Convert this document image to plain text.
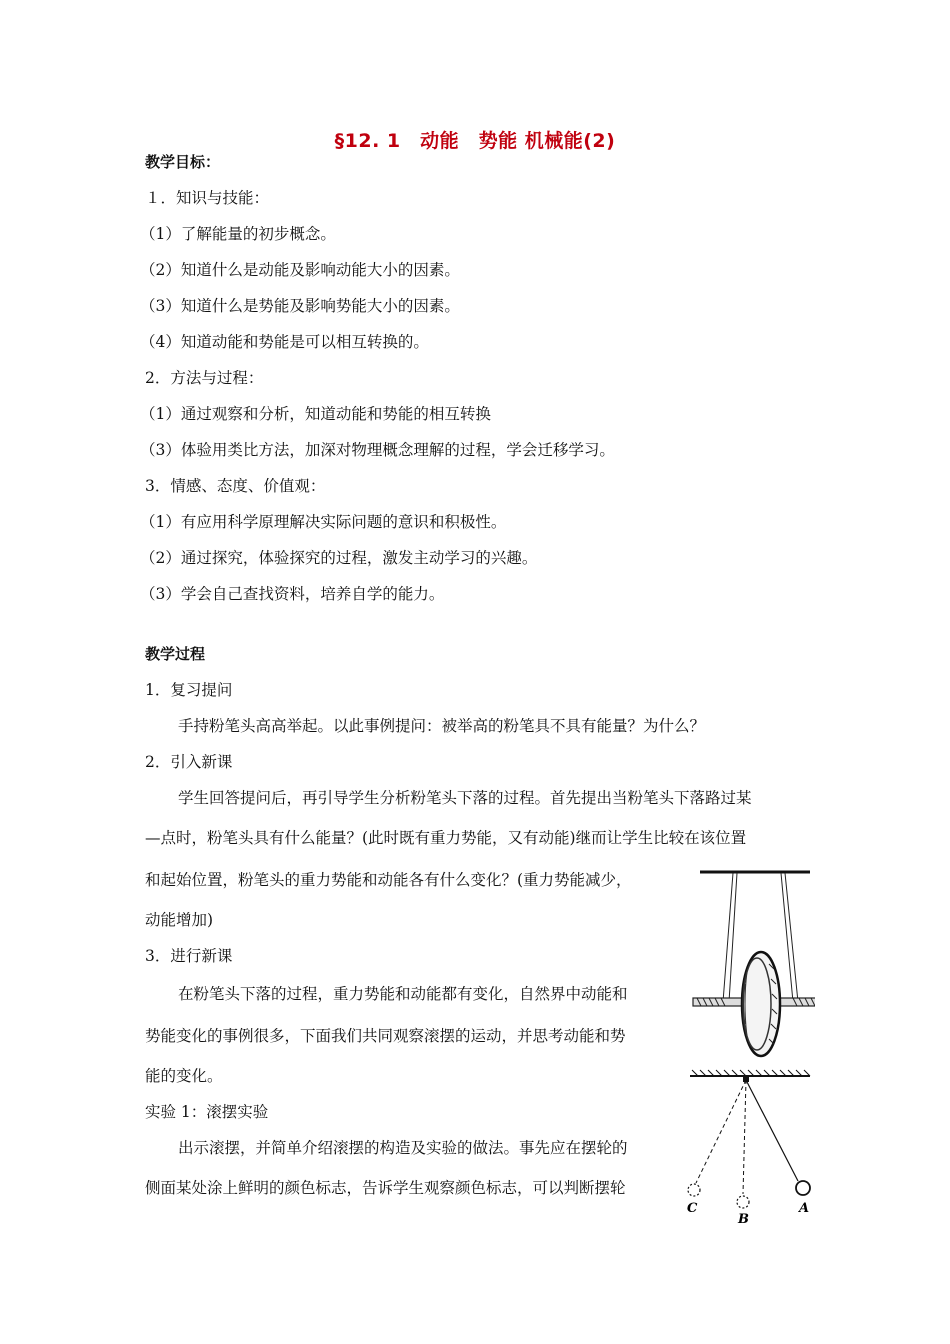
§12. 1　动能　势能 机械能(2)
教学目标：
１．知识与技能：
（1）了解能量的初步概念。
（2）知道什么是动能及影响动能大小的因素。
（3）知道什么是势能及影响势能大小的因素。
（4）知道动能和势能是可以相互转换的。
2．方法与过程：
（1）通过观察和分析，知道动能和势能的相互转换
（3）体验用类比方法，加深对物理概念理解的过程，学会迁移学习。
3．情感、态度、价值观：
（1）有应用科学原理解决实际问题的意识和积极性。
（2）通过探究，体验探究的过程，激发主动学习的兴趣。
（3）学会自己查找资料，培养自学的能力。
教学过程
1．复习提问
手持粉笔头高高举起。以此事例提问：被举高的粉笔具不具有能量？为什么？
2．引入新课
学生回答提问后，再引导学生分析粉笔头下落的过程。首先提出当粉笔头下落路过某
—点时，粉笔头具有什么能量？(此时既有重力势能，又有动能)继而让学生比较在该位置
和起始位置，粉笔头的重力势能和动能各有什么变化？(重力势能减少，
动能增加)
3．进行新课
在粉笔头下落的过程，重力势能和动能都有变化，自然界中动能和
势能变化的事例很多，下面我们共同观察滚摆的运动，并思考动能和势
能的变化。
实验 1：滚摆实验
出示滚摆，并简单介绍滚摆的构造及实验的做法。事先应在摆轮的
侧面某处涂上鲜明的颜色标志，告诉学生观察颜色标志，可以判断摆轮
A
B
C
